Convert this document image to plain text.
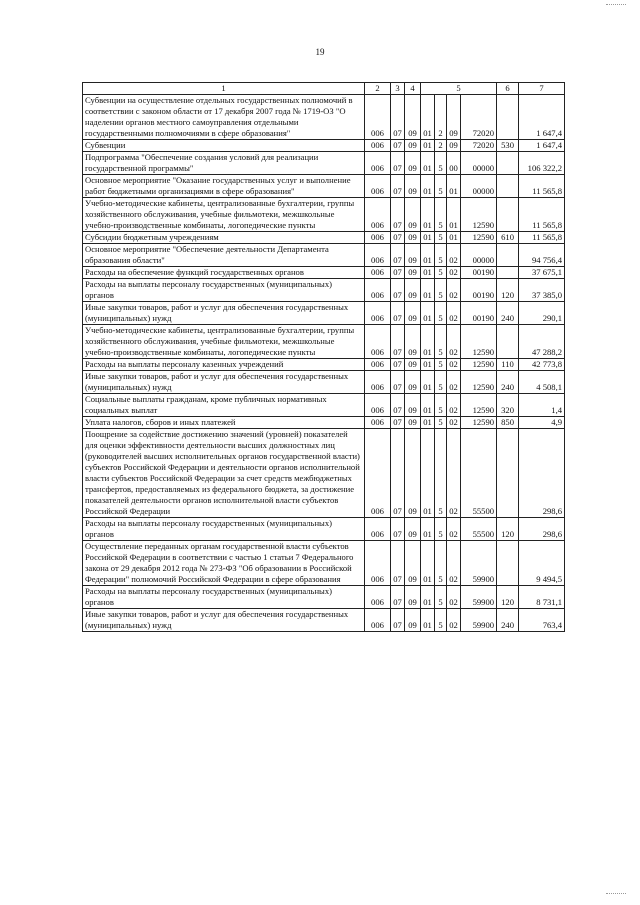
19
1	2	3	4	5				6	7
Субвенции на осуществление отдельных государственных полномочий в соответствии с законом области от 17 декабря 2007 года № 1719-ОЗ "О наделении органов местного самоуправления отдельными государственными полномочиями в сфере образования"	006	07	09	01	2	09	72020		1 647,4
Субвенции	006	07	09	01	2	09	72020	530	1 647,4
Подпрограмма "Обеспечение создания условий для реализации государственной программы"	006	07	09	01	5	00	00000		106 322,2
Основное мероприятие "Оказание государственных услуг и выполнение работ бюджетными организациями в сфере образования"	006	07	09	01	5	01	00000		11 565,8
Учебно-методические кабинеты, централизованные бухгалтерии, группы хозяйственного обслуживания, учебные фильмотеки, межшкольные учебно-производственные комбинаты, логопедические пункты	006	07	09	01	5	01	12590		11 565,8
Субсидии бюджетным учреждениям	006	07	09	01	5	01	12590	610	11 565,8
Основное мероприятие "Обеспечение деятельности Департамента образования области"	006	07	09	01	5	02	00000		94 756,4
Расходы на обеспечение функций государственных органов	006	07	09	01	5	02	00190		37 675,1
Расходы на выплаты персоналу государственных (муниципальных) органов	006	07	09	01	5	02	00190	120	37 385,0
Иные закупки товаров, работ и услуг для обеспечения государственных (муниципальных) нужд	006	07	09	01	5	02	00190	240	290,1
Учебно-методические кабинеты, централизованные бухгалтерии, группы хозяйственного обслуживания, учебные фильмотеки, межшкольные учебно-производственные комбинаты, логопедические пункты	006	07	09	01	5	02	12590		47 288,2
Расходы на выплаты персоналу казенных учреждений	006	07	09	01	5	02	12590	110	42 773,8
Иные закупки товаров, работ и услуг для обеспечения государственных (муниципальных) нужд	006	07	09	01	5	02	12590	240	4 508,1
Социальные выплаты гражданам, кроме публичных нормативных социальных выплат	006	07	09	01	5	02	12590	320	1,4
Уплата налогов, сборов и иных платежей	006	07	09	01	5	02	12590	850	4,9
Поощрение за содействие достижению значений (уровней) показателей для оценки эффективности деятельности высших должностных лиц (руководителей высших исполнительных органов государственной власти) субъектов Российской Федерации и деятельности органов исполнительной власти субъектов Российской Федерации за счет средств межбюджетных трансфертов, предоставляемых из федерального бюджета, за достижение показателей деятельности органов исполнительной власти субъектов Российской Федерации	006	07	09	01	5	02	55500		298,6
Расходы на выплаты персоналу государственных (муниципальных) органов	006	07	09	01	5	02	55500	120	298,6
Осуществление переданных органам государственной власти субъектов Российской Федерации в соответствии с частью 1 статьи 7 Федерального закона от 29 декабря 2012 года № 273-ФЗ "Об образовании в Российской Федерации" полномочий Российской Федерации в сфере образования	006	07	09	01	5	02	59900		9 494,5
Расходы на выплаты персоналу государственных (муниципальных) органов	006	07	09	01	5	02	59900	120	8 731,1
Иные закупки товаров, работ и услуг для обеспечения государственных (муниципальных) нужд	006	07	09	01	5	02	59900	240	763,4
